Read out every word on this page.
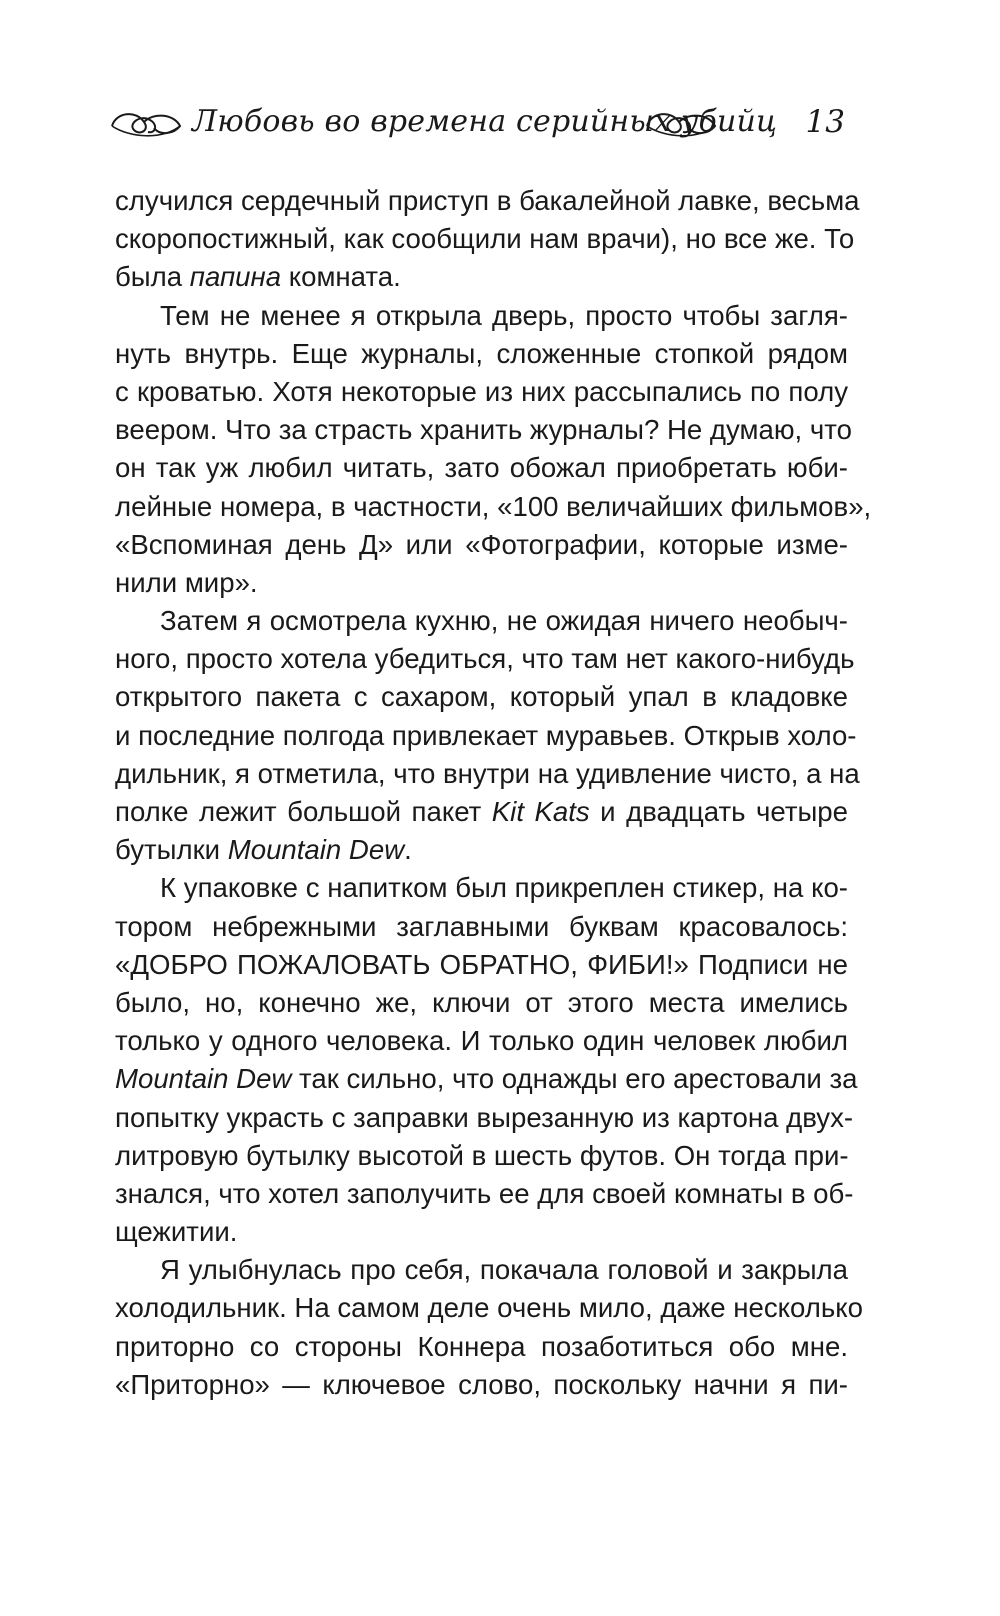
Любовь во времена серийных убийц 13
случился сердечный приступ в бакалейной лавке, весьма
скоропостижный, как сообщили нам врачи), но все же. То
была папина комната.
Тем не менее я открыла дверь, просто чтобы загля-
нуть внутрь. Еще журналы, сложенные стопкой рядом
с кроватью. Хотя некоторые из них рассыпались по полу
веером. Что за страсть хранить журналы? Не думаю, что
он так уж любил читать, зато обожал приобретать юби-
лейные номера, в частности, «100 величайших фильмов»,
«Вспоминая день Д» или «Фотографии, которые изме-
нили мир».
Затем я осмотрела кухню, не ожидая ничего необыч-
ного, просто хотела убедиться, что там нет какого-нибудь
открытого пакета с сахаром, который упал в кладовке
и последние полгода привлекает муравьев. Открыв холо-
дильник, я отметила, что внутри на удивление чисто, а на
полке лежит большой пакет Kit Kats и двадцать четыре
бутылки Mountain Dew.
К упаковке с напитком был прикреплен стикер, на ко-
тором небрежными заглавными буквам красовалось:
«ДОБРО ПОЖАЛОВАТЬ ОБРАТНО, ФИБИ!» Подписи не
было, но, конечно же, ключи от этого места имелись
только у одного человека. И только один человек любил
Mountain Dew так сильно, что однажды его арестовали за
попытку украсть с заправки вырезанную из картона двух-
литровую бутылку высотой в шесть футов. Он тогда при-
знался, что хотел заполучить ее для своей комнаты в об-
щежитии.
Я улыбнулась про себя, покачала головой и закрыла
холодильник. На самом деле очень мило, даже несколько
приторно со стороны Коннера позаботиться обо мне.
«Приторно» — ключевое слово, поскольку начни я пи-
